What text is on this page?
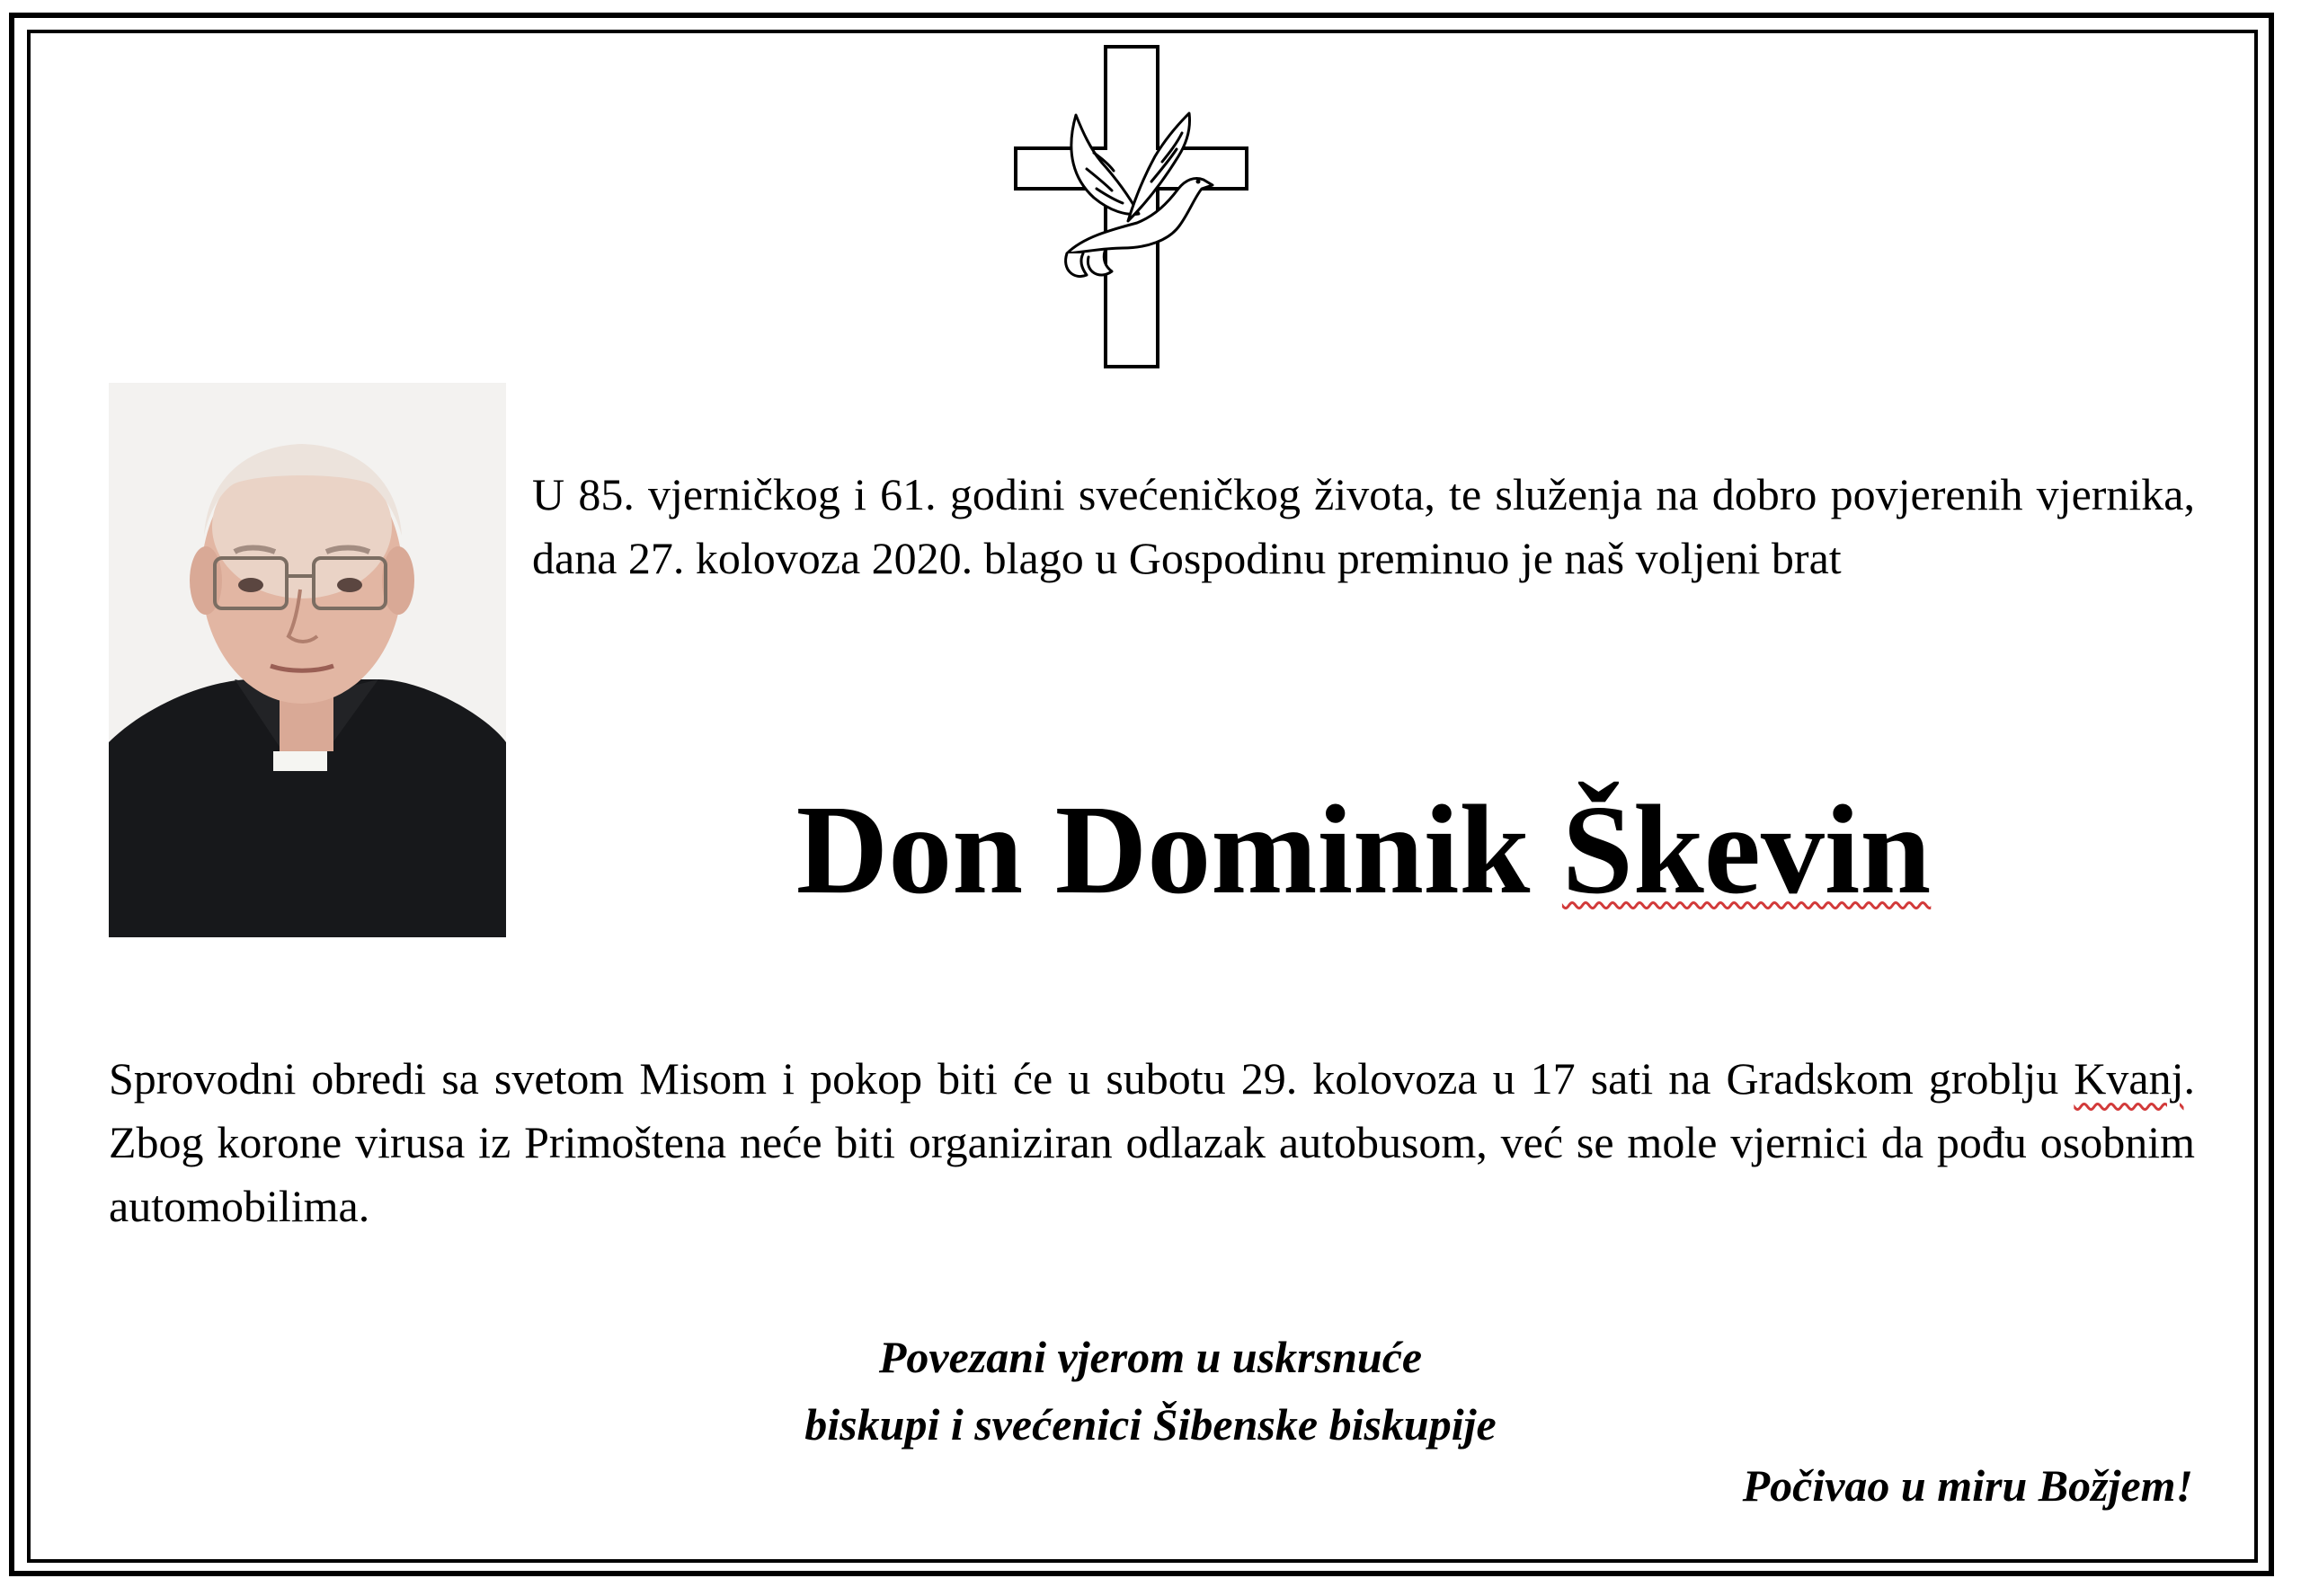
U 85. vjerničkog i 61. godini svećeničkog života, te služenja na dobro povjerenih vjernika, dana 27. kolovoza 2020. blago u Gospodinu preminuo je naš voljeni brat
Don Dominik Škevin
Sprovodni obredi sa svetom Misom i pokop biti će u subotu 29. kolovoza u 17 sati na Gradskom groblju Kvanj. Zbog korone virusa iz Primoštena neće biti organiziran odlazak autobusom, već se mole vjernici da pođu osobnim automobilima.
Povezani vjerom u uskrsnuće
biskupi i svećenici Šibenske biskupije
Počivao u miru Božjem!
